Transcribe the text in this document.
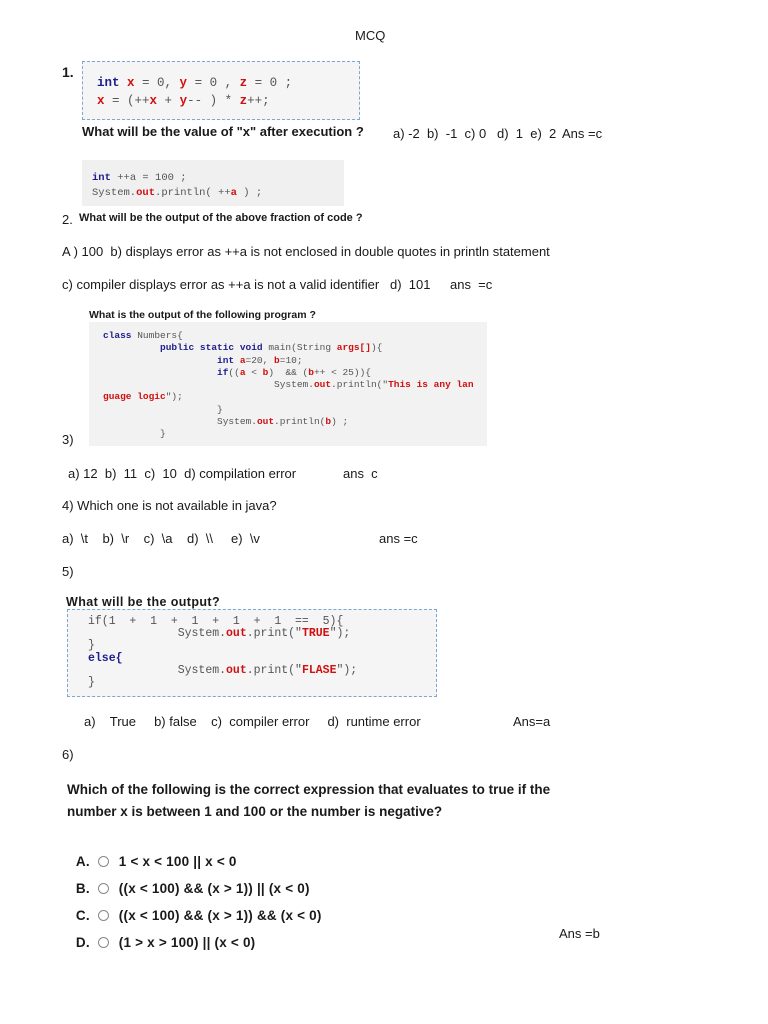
MCQ
1.
int x = 0, y = 0 , z = 0 ;
x = (++x + y-- ) * z++;
What will be the value of "x" after execution ? a) -2  b)  -1  c) 0   d)  1  e)  2 Ans =c
int ++a = 100 ;
System.out.println( ++a ) ;
2. What will be the output of the above fraction of code ?
A ) 100  b) displays error as ++a is not enclosed in double quotes in println statement
c) compiler displays error as ++a is not a valid identifier   d)  101 ans  =c
What is the output of the following program ?
class Numbers{
public static void main(String args[]){
int a=20, b=10;
if((a < b)  && (b++ < 25)){
System.out.println("This is any lan
guage logic");
}
System.out.println(b) ;
}
3)
a) 12  b)  11  c)  10  d) compilation error	ans  c
4) Which one is not available in java?
a)  \t    b)  \r    c)  \a    d)  \\     e)  \v	ans =c
5)
What will be the output?
if(1  +  1  +  1  +  1  +  1  ==  5){
System.out.print("TRUE");
}
else{
System.out.print("FLASE");
}
a)    True     b) false    c)  compiler error     d)  runtime error	Ans=a
6)
Which of the following is the correct expression that evaluates to true if the
number x is between 1 and 100 or the number is negative?

A. 1 < x < 100 || x < 0

B. ((x < 100) && (x > 1)) || (x < 0)

C. ((x < 100) && (x > 1)) && (x < 0)

D. (1 > x > 100) || (x < 0)

Ans =b
